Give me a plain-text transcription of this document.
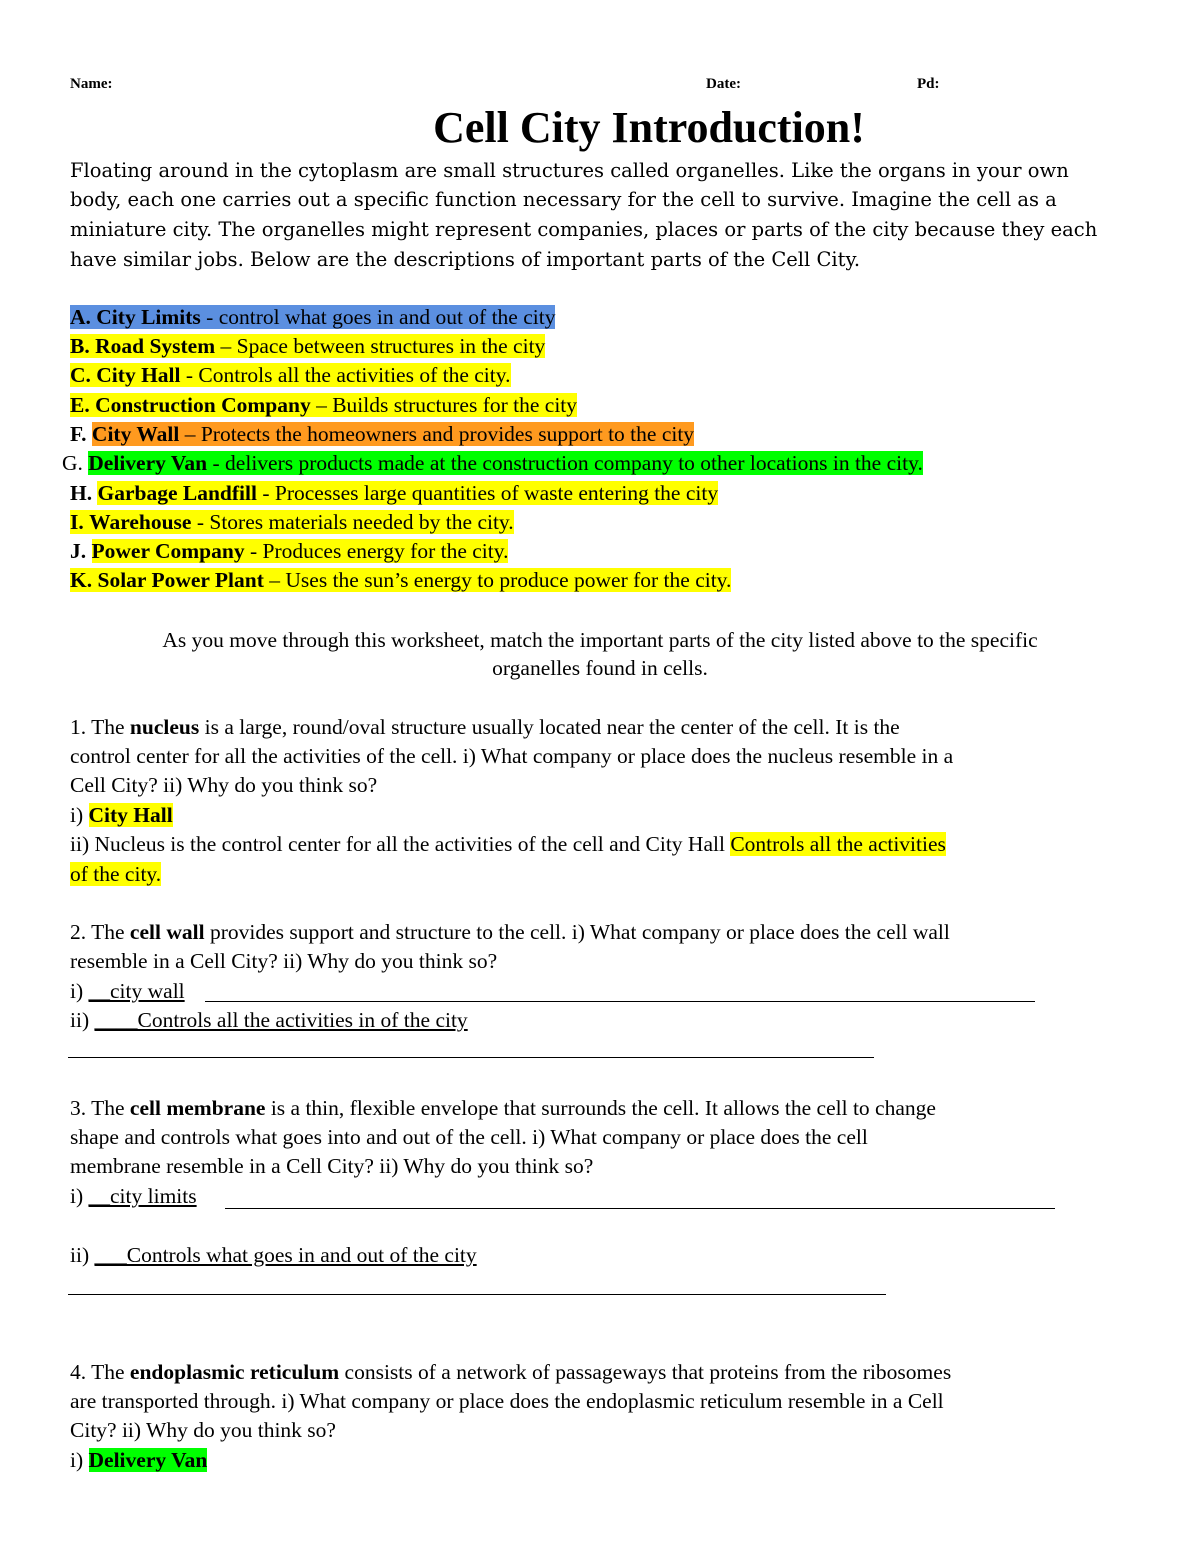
Name:	Date:	Pd:
Cell City Introduction!
Floating around in the cytoplasm are small structures called organelles. Like the organs in your own
body, each one carries out a specific function necessary for the cell to survive. Imagine the cell as a
miniature city. The organelles might represent companies, places or parts of the city because they each
have similar jobs. Below are the descriptions of important parts of the Cell City.
A. City Limits - control what goes in and out of the city
B. Road System – Space between structures in the city
C. City Hall - Controls all the activities of the city.
E. Construction Company – Builds structures for the city
F. City Wall – Protects the homeowners and provides support to the city
G. Delivery Van - delivers products made at the construction company to other locations in the city.
H. Garbage Landfill - Processes large quantities of waste entering the city
I. Warehouse - Stores materials needed by the city.
J. Power Company - Produces energy for the city.
K. Solar Power Plant – Uses the sun’s energy to produce power for the city.
As you move through this worksheet, match the important parts of the city listed above to the specific
organelles found in cells.
1. The nucleus is a large, round/oval structure usually located near the center of the cell. It is the
control center for all the activities of the cell. i) What company or place does the nucleus resemble in a
Cell City? ii) Why do you think so?
i) City Hall
ii) Nucleus is the control center for all the activities of the cell and City Hall Controls all the activities
of the city.
2. The cell wall provides support and structure to the cell. i) What company or place does the cell wall
resemble in a Cell City? ii) Why do you think so?
i) __city wall
ii) ____Controls all the activities in of the city
3. The cell membrane is a thin, flexible envelope that surrounds the cell. It allows the cell to change
shape and controls what goes into and out of the cell. i) What company or place does the cell
membrane resemble in a Cell City? ii) Why do you think so?
i) __city limits
ii) ___Controls what goes in and out of the city
4. The endoplasmic reticulum consists of a network of passageways that proteins from the ribosomes
are transported through. i) What company or place does the endoplasmic reticulum resemble in a Cell
City? ii) Why do you think so?
i) Delivery Van
